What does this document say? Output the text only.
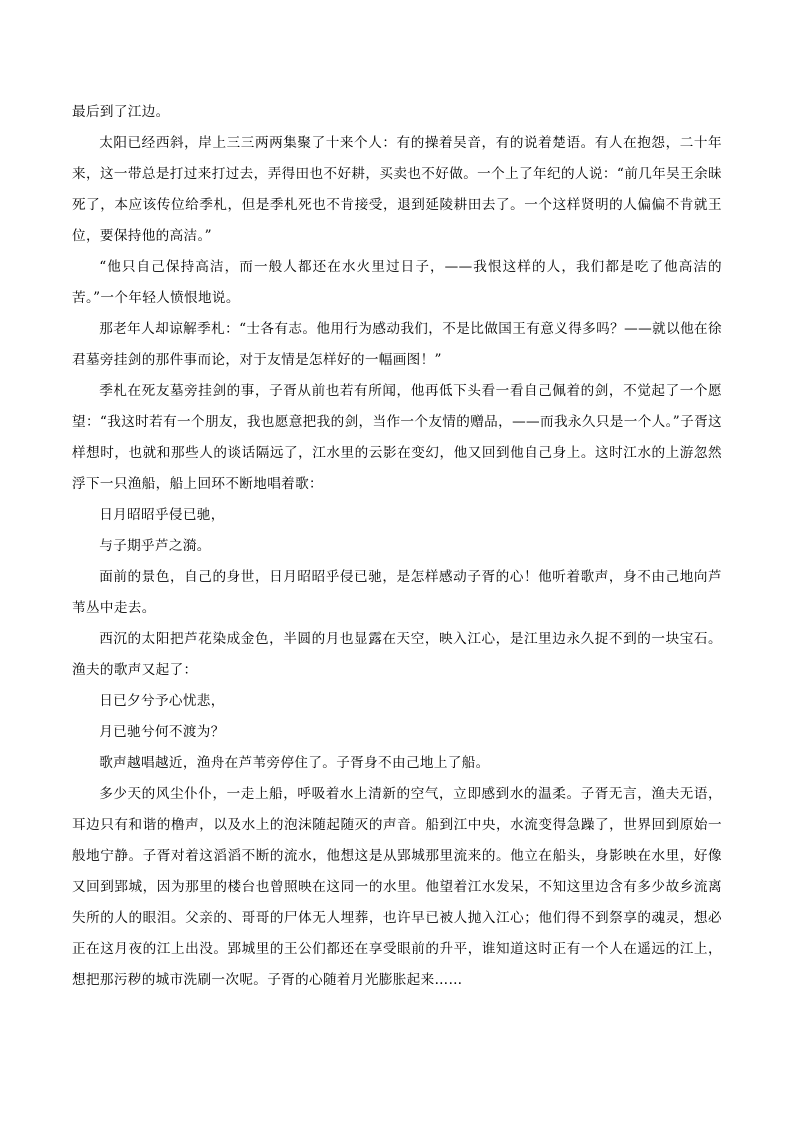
最后到了江边。

太阳已经西斜，岸上三三两两集聚了十来个人：有的操着吴音，有的说着楚语。有人在抱怨，二十年来，这一带总是打过来打过去，弄得田也不好耕，买卖也不好做。一个上了年纪的人说：“前几年吴王余昧死了，本应该传位给季札，但是季札死也不肯接受，退到延陵耕田去了。一个这样贤明的人偏偏不肯就王位，要保持他的高洁。”

“他只自己保持高洁，而一般人都还在水火里过日子，——我恨这样的人，我们都是吃了他高洁的苦。”一个年轻人愤恨地说。

那老年人却谅解季札：“士各有志。他用行为感动我们，不是比做国王有意义得多吗？——就以他在徐君墓旁挂剑的那件事而论，对于友情是怎样好的一幅画图！”

季札在死友墓旁挂剑的事，子胥从前也若有所闻，他再低下头看一看自己佩着的剑，不觉起了一个愿望：“我这时若有一个朋友，我也愿意把我的剑，当作一个友情的赠品，——而我永久只是一个人。”子胥这样想时，也就和那些人的谈话隔远了，江水里的云影在变幻，他又回到他自己身上。这时江水的上游忽然浮下一只渔船，船上回环不断地唱着歌：

日月昭昭乎侵已驰，

与子期乎芦之漪。

面前的景色，自己的身世，日月昭昭乎侵已驰，是怎样感动子胥的心！他听着歌声，身不由己地向芦苇丛中走去。

西沉的太阳把芦花染成金色，半圆的月也显露在天空，映入江心，是江里边永久捉不到的一块宝石。渔夫的歌声又起了：

日已夕兮予心忧悲，

月已驰兮何不渡为？

歌声越唱越近，渔舟在芦苇旁停住了。子胥身不由己地上了船。

多少天的风尘仆仆，一走上船，呼吸着水上清新的空气，立即感到水的温柔。子胥无言，渔夫无语，耳边只有和谐的橹声，以及水上的泡沫随起随灭的声音。船到江中央，水流变得急躁了，世界回到原始一般地宁静。子胥对着这滔滔不断的流水，他想这是从郢城那里流来的。他立在船头，身影映在水里，好像又回到郢城，因为那里的楼台也曾照映在这同一的水里。他望着江水发呆，不知这里边含有多少故乡流离失所的人的眼泪。父亲的、哥哥的尸体无人埋葬，也许早已被人抛入江心；他们得不到祭享的魂灵，想必正在这月夜的江上出没。郢城里的王公们都还在享受眼前的升平，谁知道这时正有一个人在遥远的江上，想把那污秽的城市洗刷一次呢。子胥的心随着月光膨胀起来……
